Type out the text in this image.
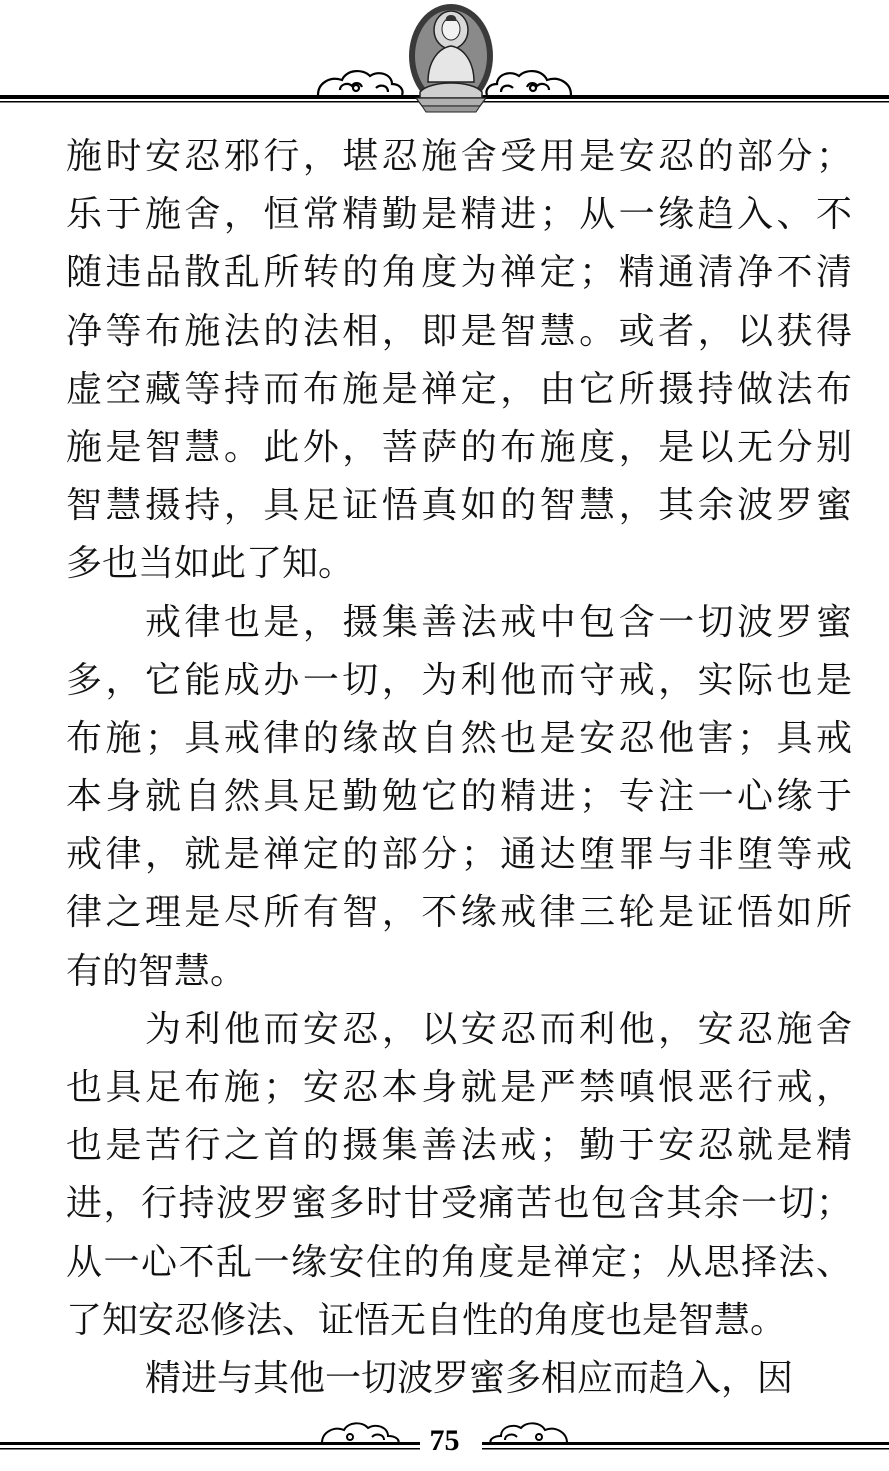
施时安忍邪行，堪忍施舍受用是安忍的部分；
乐于施舍，恒常精勤是精进；从一缘趋入、不
随违品散乱所转的角度为禅定；精通清净不清
净等布施法的法相，即是智慧。或者，以获得
虚空藏等持而布施是禅定，由它所摄持做法布
施是智慧。此外，菩萨的布施度，是以无分别
智慧摄持，具足证悟真如的智慧，其余波罗蜜
多也当如此了知。
戒律也是，摄集善法戒中包含一切波罗蜜
多，它能成办一切，为利他而守戒，实际也是
布施；具戒律的缘故自然也是安忍他害；具戒
本身就自然具足勤勉它的精进；专注一心缘于
戒律，就是禅定的部分；通达堕罪与非堕等戒
律之理是尽所有智，不缘戒律三轮是证悟如所
有的智慧。
为利他而安忍，以安忍而利他，安忍施舍
也具足布施；安忍本身就是严禁嗔恨恶行戒，
也是苦行之首的摄集善法戒；勤于安忍就是精
进，行持波罗蜜多时甘受痛苦也包含其余一切；
从一心不乱一缘安住的角度是禅定；从思择法、
了知安忍修法、证悟无自性的角度也是智慧。
精进与其他一切波罗蜜多相应而趋入，因
75
